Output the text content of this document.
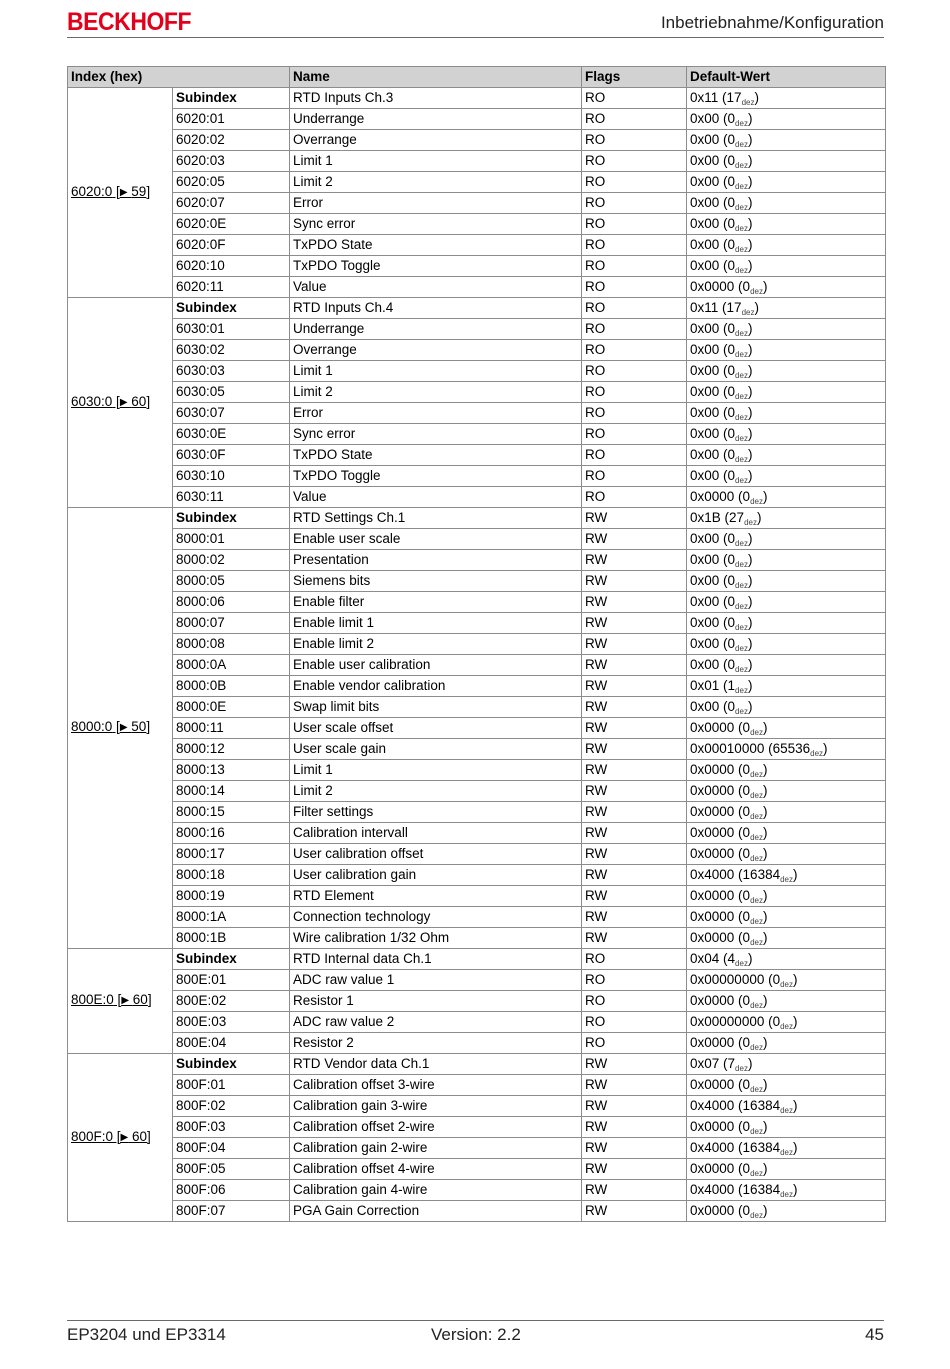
BECKHOFF	Inbetriebnahme/Konfiguration
Index (hex)		Name	Flags	Default-Wert
6020:0 [▶ 59]	Subindex	RTD Inputs Ch.3	RO	0x11 $(17_{dez})$
	6020:01	Underrange	RO	0x00 $(0_{dez})$
	6020:02	Overrange	RO	0x00 $(0_{dez})$
	6020:03	Limit 1	RO	0x00 $(0_{dez})$
	6020:05	Limit 2	RO	0x00 $(0_{dez})$
	6020:07	Error	RO	0x00 $(0_{dez})$
	6020:0E	Sync error	RO	0x00 $(0_{dez})$
	6020:0F	TxPDO State	RO	0x00 $(0_{dez})$
	6020:10	TxPDO Toggle	RO	0x00 $(0_{dez})$
	6020:11	Value	RO	0x0000 $(0_{dez})$
6030:0 [▶ 60]	Subindex	RTD Inputs Ch.4	RO	0x11 $(17_{dez})$
	6030:01	Underrange	RO	0x00 $(0_{dez})$
	6030:02	Overrange	RO	0x00 $(0_{dez})$
	6030:03	Limit 1	RO	0x00 $(0_{dez})$
	6030:05	Limit 2	RO	0x00 $(0_{dez})$
	6030:07	Error	RO	0x00 $(0_{dez})$
	6030:0E	Sync error	RO	0x00 $(0_{dez})$
	6030:0F	TxPDO State	RO	0x00 $(0_{dez})$
	6030:10	TxPDO Toggle	RO	0x00 $(0_{dez})$
	6030:11	Value	RO	0x0000 $(0_{dez})$
8000:0 [▶ 50]	Subindex	RTD Settings Ch.1	RW	0x1B $(27_{dez})$
	8000:01	Enable user scale	RW	0x00 $(0_{dez})$
	8000:02	Presentation	RW	0x00 $(0_{dez})$
	8000:05	Siemens bits	RW	0x00 $(0_{dez})$
	8000:06	Enable filter	RW	0x00 $(0_{dez})$
	8000:07	Enable limit 1	RW	0x00 $(0_{dez})$
	8000:08	Enable limit 2	RW	0x00 $(0_{dez})$
	8000:0A	Enable user calibration	RW	0x00 $(0_{dez})$
	8000:0B	Enable vendor calibration	RW	0x01 $(1_{dez})$
	8000:0E	Swap limit bits	RW	0x00 $(0_{dez})$
	8000:11	User scale offset	RW	0x0000 $(0_{dez})$
	8000:12	User scale gain	RW	0x00010000 $(65536_{dez})$
	8000:13	Limit 1	RW	0x0000 $(0_{dez})$
	8000:14	Limit 2	RW	0x0000 $(0_{dez})$
	8000:15	Filter settings	RW	0x0000 $(0_{dez})$
	8000:16	Calibration intervall	RW	0x0000 $(0_{dez})$
	8000:17	User calibration offset	RW	0x0000 $(0_{dez})$
	8000:18	User calibration gain	RW	0x4000 $(16384_{dez})$
	8000:19	RTD Element	RW	0x0000 $(0_{dez})$
	8000:1A	Connection technology	RW	0x0000 $(0_{dez})$
	8000:1B	Wire calibration 1/32 Ohm	RW	0x0000 $(0_{dez})$
800E:0 [▶ 60]	Subindex	RTD Internal data Ch.1	RO	0x04 $(4_{dez})$
	800E:01	ADC raw value 1	RO	0x00000000 $(0_{dez})$
	800E:02	Resistor 1	RO	0x0000 $(0_{dez})$
	800E:03	ADC raw value 2	RO	0x00000000 $(0_{dez})$
	800E:04	Resistor 2	RO	0x0000 $(0_{dez})$
800F:0 [▶ 60]	Subindex	RTD Vendor data Ch.1	RW	0x07 $(7_{dez})$
	800F:01	Calibration offset 3-wire	RW	0x0000 $(0_{dez})$
	800F:02	Calibration gain 3-wire	RW	0x4000 $(16384_{dez})$
	800F:03	Calibration offset 2-wire	RW	0x0000 $(0_{dez})$
	800F:04	Calibration gain 2-wire	RW	0x4000 $(16384_{dez})$
	800F:05	Calibration offset 4-wire	RW	0x0000 $(0_{dez})$
	800F:06	Calibration gain 4-wire	RW	0x4000 $(16384_{dez})$
	800F:07	PGA Gain Correction	RW	0x0000 $(0_{dez})$
EP3204 und EP3314	Version: 2.2	45
